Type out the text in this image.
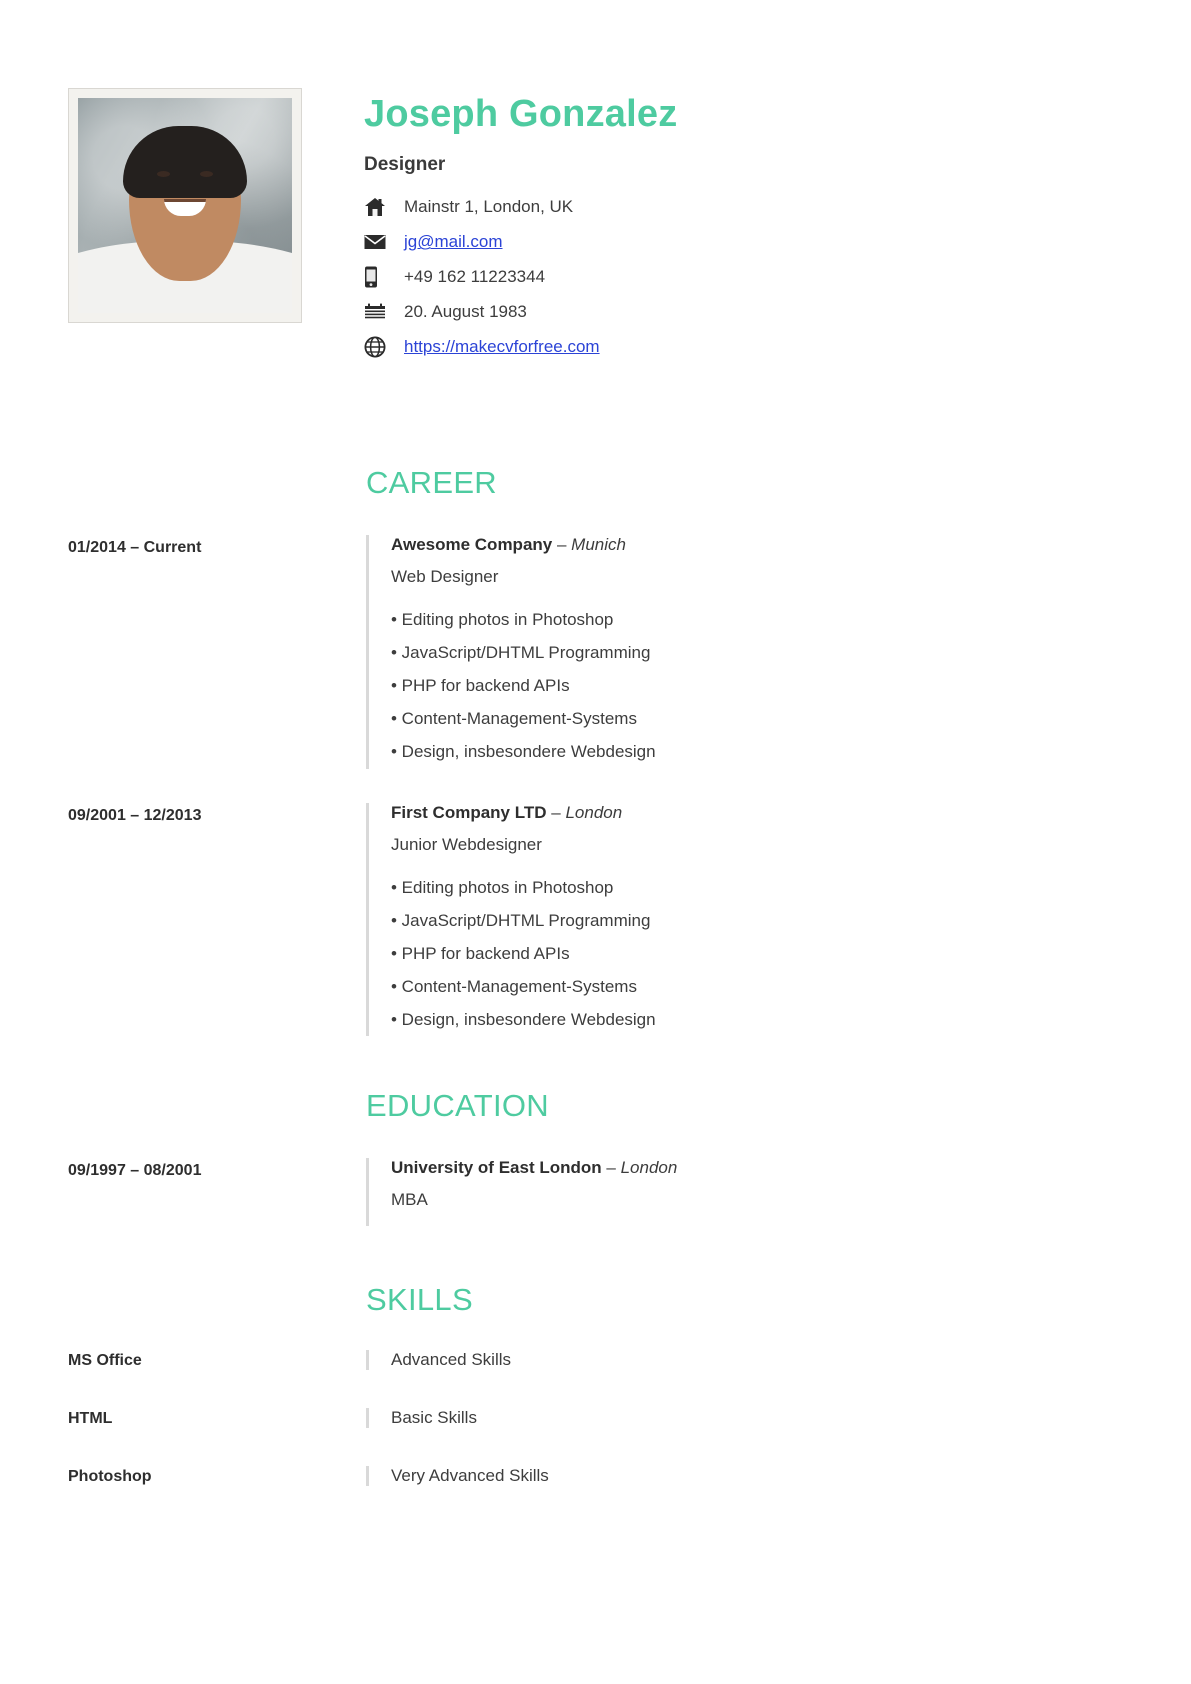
Joseph Gonzalez
Designer
Mainstr 1, London, UK
jg@mail.com
+49 162 11223344
20. August 1983
https://makecvforfree.com
CAREER
01/2014 – Current	Awesome Company – Munich
Web Designer
• Editing photos in Photoshop
• JavaScript/DHTML Programming
• PHP for backend APIs
• Content-Management-Systems
• Design, insbesondere Webdesign
09/2001 – 12/2013	First Company LTD – London
Junior Webdesigner
• Editing photos in Photoshop
• JavaScript/DHTML Programming
• PHP for backend APIs
• Content-Management-Systems
• Design, insbesondere Webdesign
EDUCATION
09/1997 – 08/2001	University of East London – London
MBA
SKILLS
MS Office	Advanced Skills
HTML	Basic Skills
Photoshop	Very Advanced Skills
